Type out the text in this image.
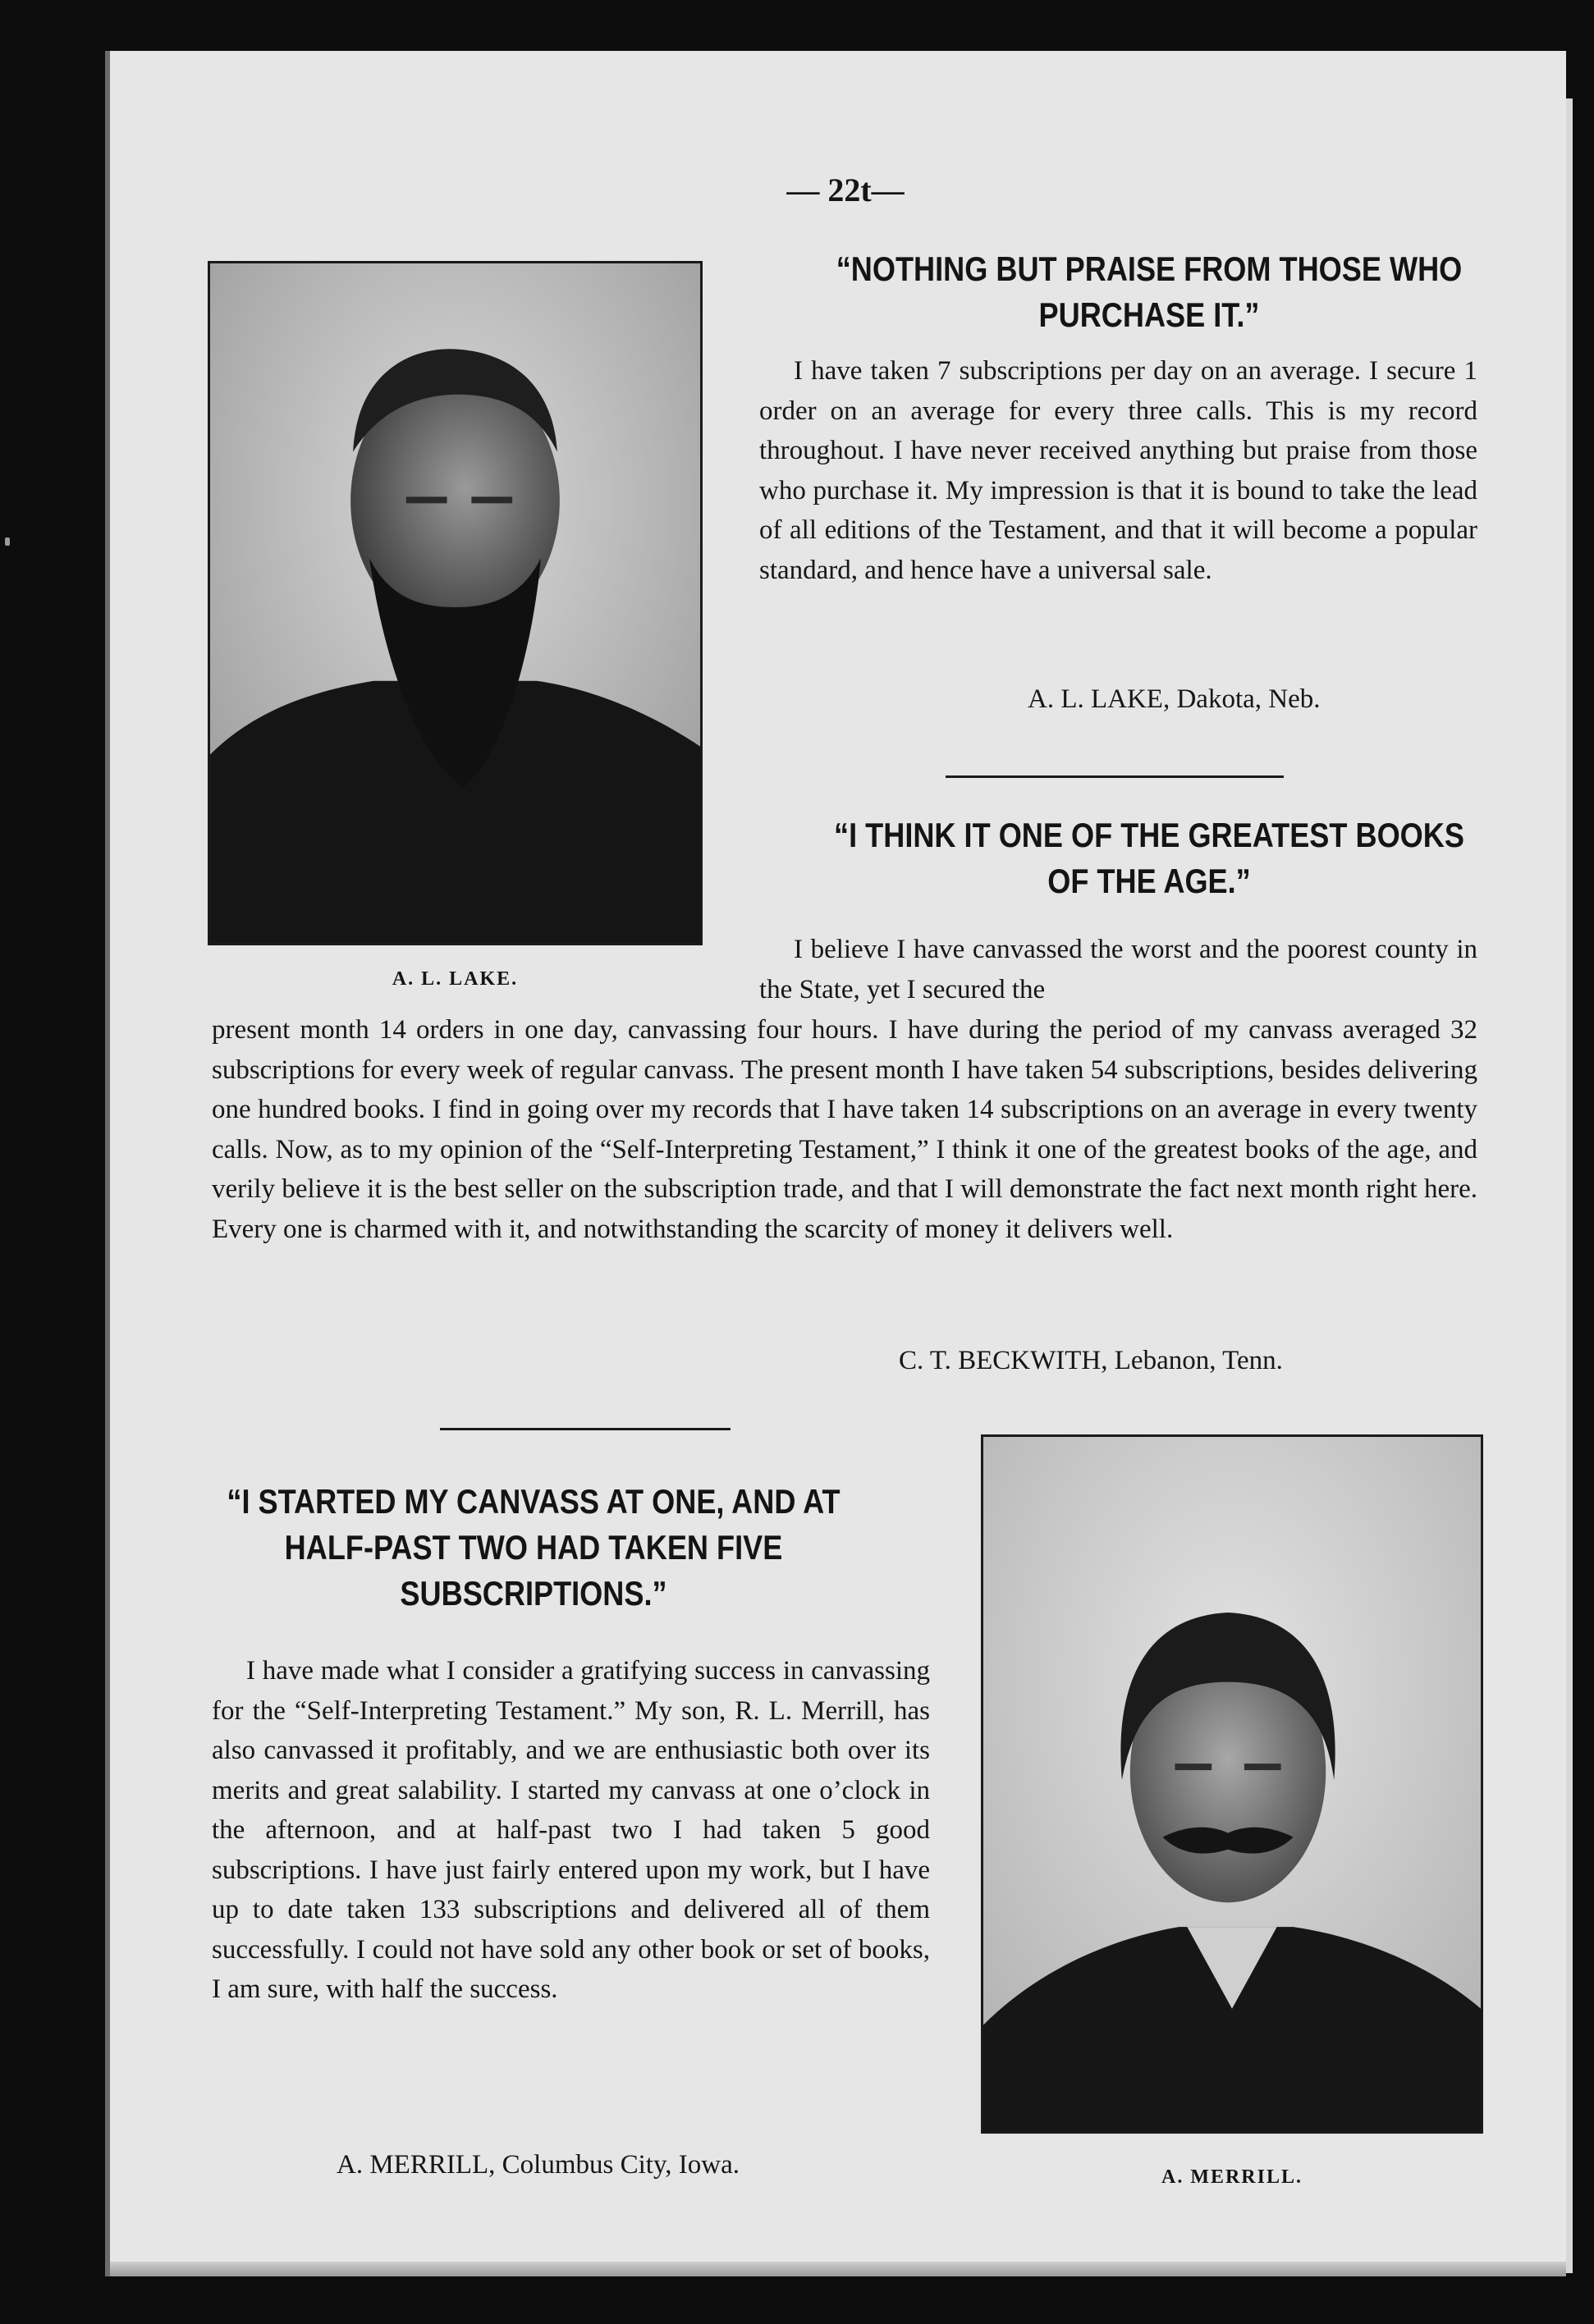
— 22t—
A. L. LAKE.
A. MERRILL.
“NOTHING BUT PRAISE FROM THOSE WHO
PURCHASE IT.”

I have taken 7 subscriptions per day on an average. I secure 1 order on an average for every three calls. This is my record throughout. I have never received anything but praise from those who purchase it. My impression is that it is bound to take the lead of all editions of the Testament, and that it will become a popular standard, and hence have a universal sale.

A. L. LAKE, Dakota, Neb.
“I THINK IT ONE OF THE GREATEST BOOKS
OF THE AGE.”

I believe I have canvassed the worst and the poorest county in the State, yet I secured the

present month 14 orders in one day, canvassing four hours. I have during the period of my canvass averaged 32 subscriptions for every week of regular canvass. The present month I have taken 54 subscriptions, besides delivering one hundred books. I find in going over my records that I have taken 14 subscriptions on an average in every twenty calls. Now, as to my opinion of the “Self-Interpreting Testament,” I think it one of the greatest books of the age, and verily believe it is the best seller on the subscription trade, and that I will demonstrate the fact next month right here. Every one is charmed with it, and notwithstanding the scarcity of money it delivers well.

C. T. BECKWITH, Lebanon, Tenn.
“I STARTED MY CANVASS AT ONE, AND AT
HALF-PAST TWO HAD TAKEN FIVE
SUBSCRIPTIONS.”

I have made what I consider a gratifying success in canvassing for the “Self-Interpreting Testament.” My son, R. L. Merrill, has also canvassed it profitably, and we are enthusiastic both over its merits and great salability. I started my canvass at one o’clock in the afternoon, and at half-past two I had taken 5 good subscriptions. I have just fairly entered upon my work, but I have up to date taken 133 subscriptions and delivered all of them successfully. I could not have sold any other book or set of books, I am sure, with half the success.

A. MERRILL, Columbus City, Iowa.
